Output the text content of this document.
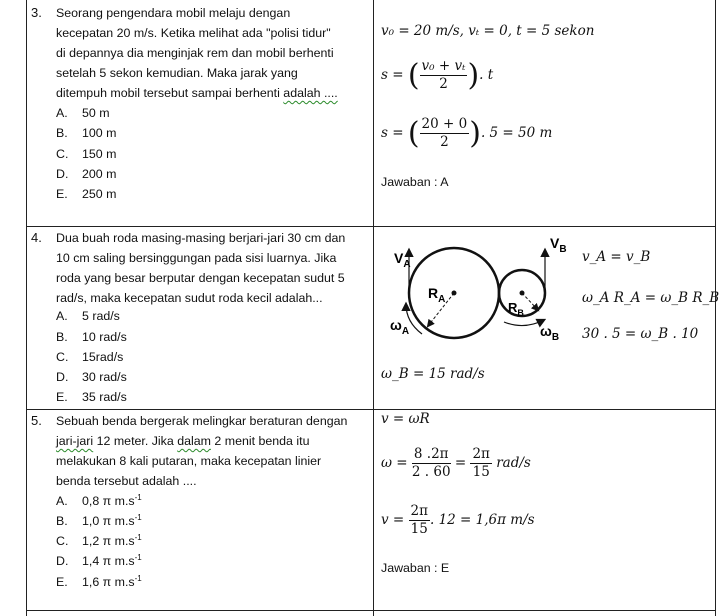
3. Seorang pengendara mobil melaju dengan
kecepatan 20 m/s. Ketika melihat ada "polisi tidur"
di depannya dia menginjak rem dan mobil berhenti
setelah 5 sekon kemudian. Maka jarak yang
ditempuh mobil tersebut sampai berhenti adalah ....
A. 50 m
B. 100 m
C. 150 m
D. 200 m
E. 250 m
v₀ = 20 m/s, vₜ = 0, t = 5 sekon
s = ( $\frac{\text{v₀ + vₜ}}{2}$ ). t
s = ( $\frac{20 + 0}{2}$ ). 5 = 50 m
Jawaban : A
4. Dua buah roda masing-masing berjari-jari 30 cm dan
10 cm saling bersinggungan pada sisi luarnya. Jika
roda yang besar berputar dengan kecepatan sudut 5
rad/s, maka kecepatan sudut roda kecil adalah...
A. 5 rad/s
B. 10 rad/s
C. 15rad/s
D. 30 rad/s
E. 35 rad/s
$V_A$
$R_A$
$\omega_A$
$V_B$
$R_B$
$\omega_B$
v_A = v_B
ω_A R_A = ω_B R_B
30 . 5 = ω_B . 10
ω_B = 15 rad/s
5. Sebuah benda bergerak melingkar beraturan dengan
jari-jari 12 meter. Jika dalam 2 menit benda itu
melakukan 8 kali putaran, maka kecepatan linier
benda tersebut adalah ....
A. 0,8 π $m.s^{-1}$
B. 1,0 π $m.s^{-1}$
C. 1,2 π $m.s^{-1}$
D. 1,4 π $m.s^{-1}$
E. 1,6 π $m.s^{-1}$
v = ωR
$\omega = \frac{8 .2\pi}{2 . 60} = \frac{2\pi}{15} rad/s$
$v = \frac{2\pi}{15}$ . 12 = 1,6π m/s
Jawaban : E
